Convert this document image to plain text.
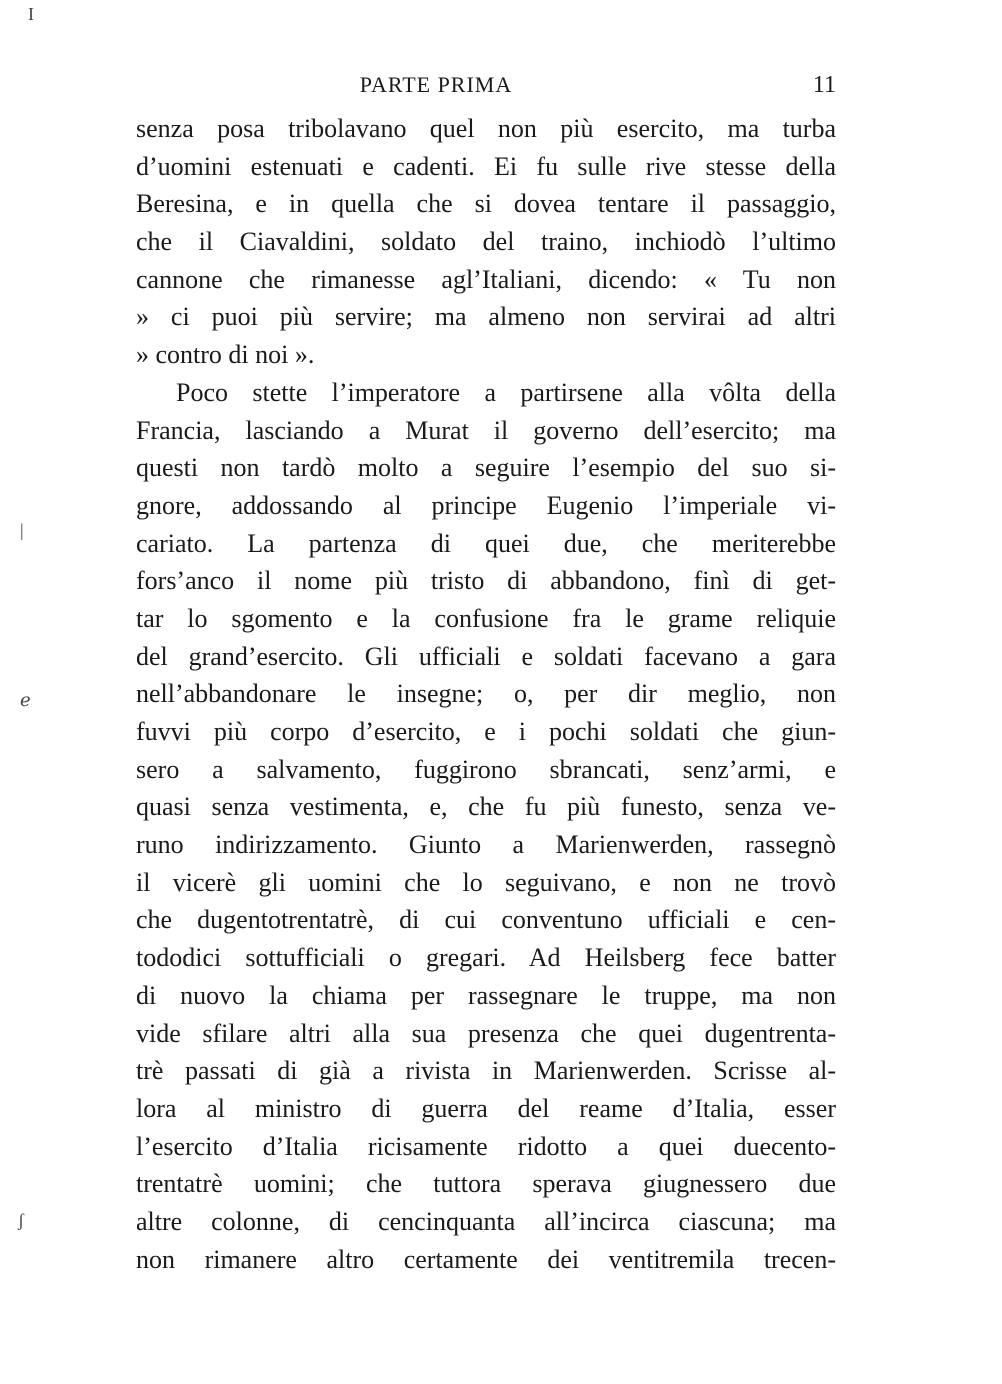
I
|
ℯ
ʃ
PARTE PRIMA	11
senza posa tribolavano quel non più esercito, ma turba
d’uomini estenuati e cadenti. Ei fu sulle rive stesse della
Beresina, e in quella che si dovea tentare il passaggio,
che il Ciavaldini, soldato del traino, inchiodò l’ultimo
cannone che rimanesse agl’Italiani, dicendo: « Tu non
» ci puoi più servire; ma almeno non servirai ad altri
» contro di noi ».
Poco stette l’imperatore a partirsene alla vôlta della
Francia, lasciando a Murat il governo dell’esercito; ma
questi non tardò molto a seguire l’esempio del suo si-
gnore, addossando al principe Eugenio l’imperiale vi-
cariato. La partenza di quei due, che meriterebbe
fors’anco il nome più tristo di abbandono, finì di get-
tar lo sgomento e la confusione fra le grame reliquie
del grand’esercito. Gli ufficiali e soldati facevano a gara
nell’abbandonare le insegne; o, per dir meglio, non
fuvvi più corpo d’esercito, e i pochi soldati che giun-
sero a salvamento, fuggirono sbrancati, senz’armi, e
quasi senza vestimenta, e, che fu più funesto, senza ve-
runo indirizzamento. Giunto a Marienwerden, rassegnò
il vicerè gli uomini che lo seguivano, e non ne trovò
che dugentotrentatrè, di cui conventuno ufficiali e cen-
tododici sottufficiali o gregari. Ad Heilsberg fece batter
di nuovo la chiama per rassegnare le truppe, ma non
vide sfilare altri alla sua presenza che quei dugentrenta-
trè passati di già a rivista in Marienwerden. Scrisse al-
lora al ministro di guerra del reame d’Italia, esser
l’esercito d’Italia ricisamente ridotto a quei duecento-
trentatrè uomini; che tuttora sperava giugnessero due
altre colonne, di cencinquanta all’incirca ciascuna; ma
non rimanere altro certamente dei ventitremila trecen-
